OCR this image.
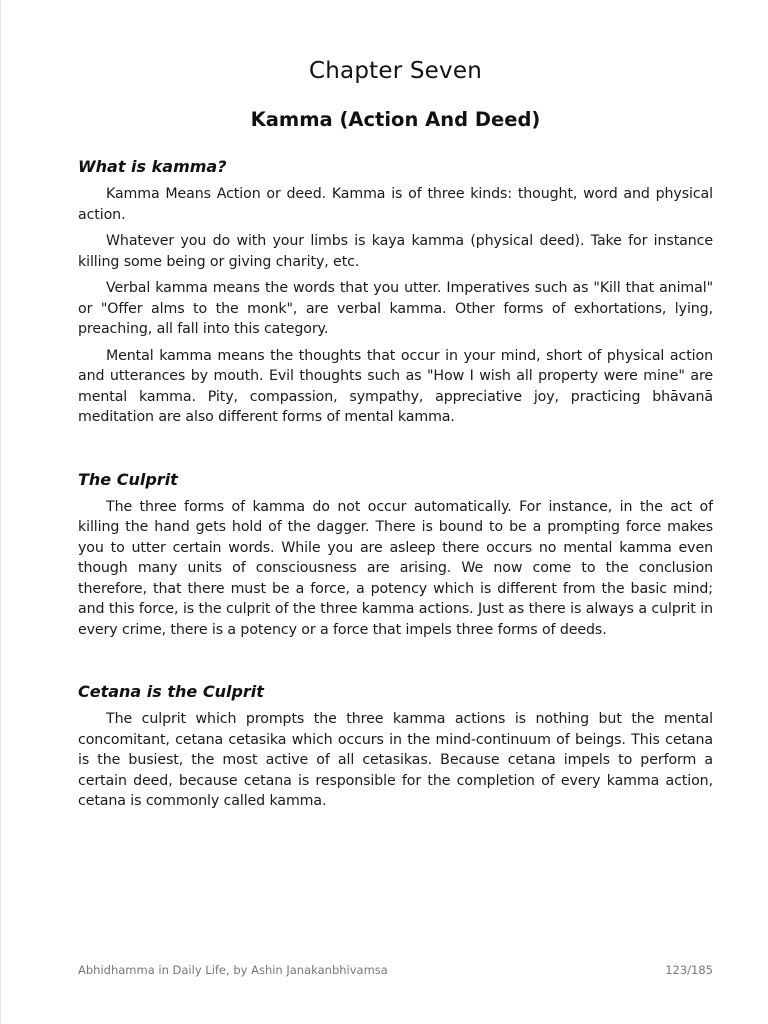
Chapter Seven
Kamma (Action And Deed)
What is kamma?

Kamma Means Action or deed. Kamma is of three kinds: thought, word and physical action.

Whatever you do with your limbs is kaya kamma (physical deed). Take for instance killing some being or giving charity, etc.

Verbal kamma means the words that you utter. Imperatives such as "Kill that animal" or "Offer alms to the monk", are verbal kamma. Other forms of exhortations, lying, preaching, all fall into this category.

Mental kamma means the thoughts that occur in your mind, short of physical action and utterances by mouth. Evil thoughts such as "How I wish all property were mine" are mental kamma. Pity, compassion, sympathy, appreciative joy, practicing bhāvanā meditation are also different forms of mental kamma.

The Culprit

The three forms of kamma do not occur automatically. For instance, in the act of killing the hand gets hold of the dagger. There is bound to be a prompting force makes you to utter certain words. While you are asleep there occurs no mental kamma even though many units of consciousness are arising. We now come to the conclusion therefore, that there must be a force, a potency which is different from the basic mind; and this force, is the culprit of the three kamma actions. Just as there is always a culprit in every crime, there is a potency or a force that impels three forms of deeds.

Cetana is the Culprit

The culprit which prompts the three kamma actions is nothing but the mental concomitant, cetana cetasika which occurs in the mind-continuum of beings. This cetana is the busiest, the most active of all cetasikas. Because cetana impels to perform a certain deed, because cetana is responsible for the completion of every kamma action, cetana is commonly called kamma.

Abhidhamma in Daily Life, by Ashin Janakanbhivamsa	123/185
